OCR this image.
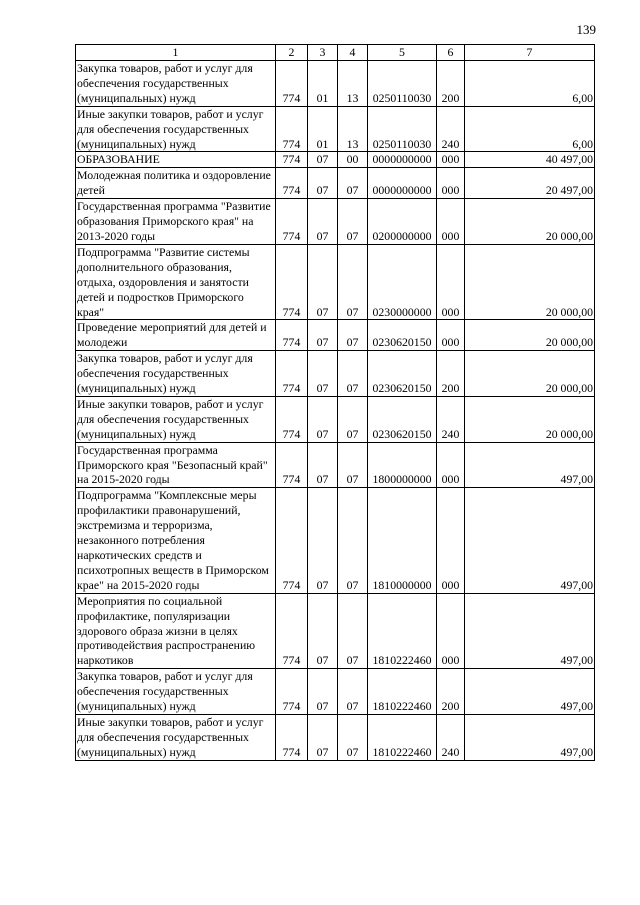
139
1	2	3	4	5	6	7
Закупка товаров, работ и услуг для обеспечения государственных (муниципальных) нужд	774	01	13	0250110030	200	6,00
Иные закупки товаров, работ и услуг для обеспечения государственных (муниципальных) нужд	774	01	13	0250110030	240	6,00
ОБРАЗОВАНИЕ	774	07	00	0000000000	000	40 497,00
Молодежная политика и оздоровление детей	774	07	07	0000000000	000	20 497,00
Государственная программа "Развитие образования Приморского края" на 2013-2020 годы	774	07	07	0200000000	000	20 000,00
Подпрограмма "Развитие системы дополнительного образования, отдыха, оздоровления и занятости детей и подростков Приморского края"	774	07	07	0230000000	000	20 000,00
Проведение мероприятий для детей и молодежи	774	07	07	0230620150	000	20 000,00
Закупка товаров, работ и услуг для обеспечения государственных (муниципальных) нужд	774	07	07	0230620150	200	20 000,00
Иные закупки товаров, работ и услуг для обеспечения государственных (муниципальных) нужд	774	07	07	0230620150	240	20 000,00
Государственная программа Приморского края "Безопасный край" на 2015-2020 годы	774	07	07	1800000000	000	497,00
Подпрограмма "Комплексные меры профилактики правонарушений, экстремизма и терроризма, незаконного потребления наркотических средств и психотропных веществ в Приморском крае" на 2015-2020 годы	774	07	07	1810000000	000	497,00
Мероприятия по социальной профилактике, популяризации здорового образа жизни в целях противодействия распространению наркотиков	774	07	07	1810222460	000	497,00
Закупка товаров, работ и услуг для обеспечения государственных (муниципальных) нужд	774	07	07	1810222460	200	497,00
Иные закупки товаров, работ и услуг для обеспечения государственных (муниципальных) нужд	774	07	07	1810222460	240	497,00
